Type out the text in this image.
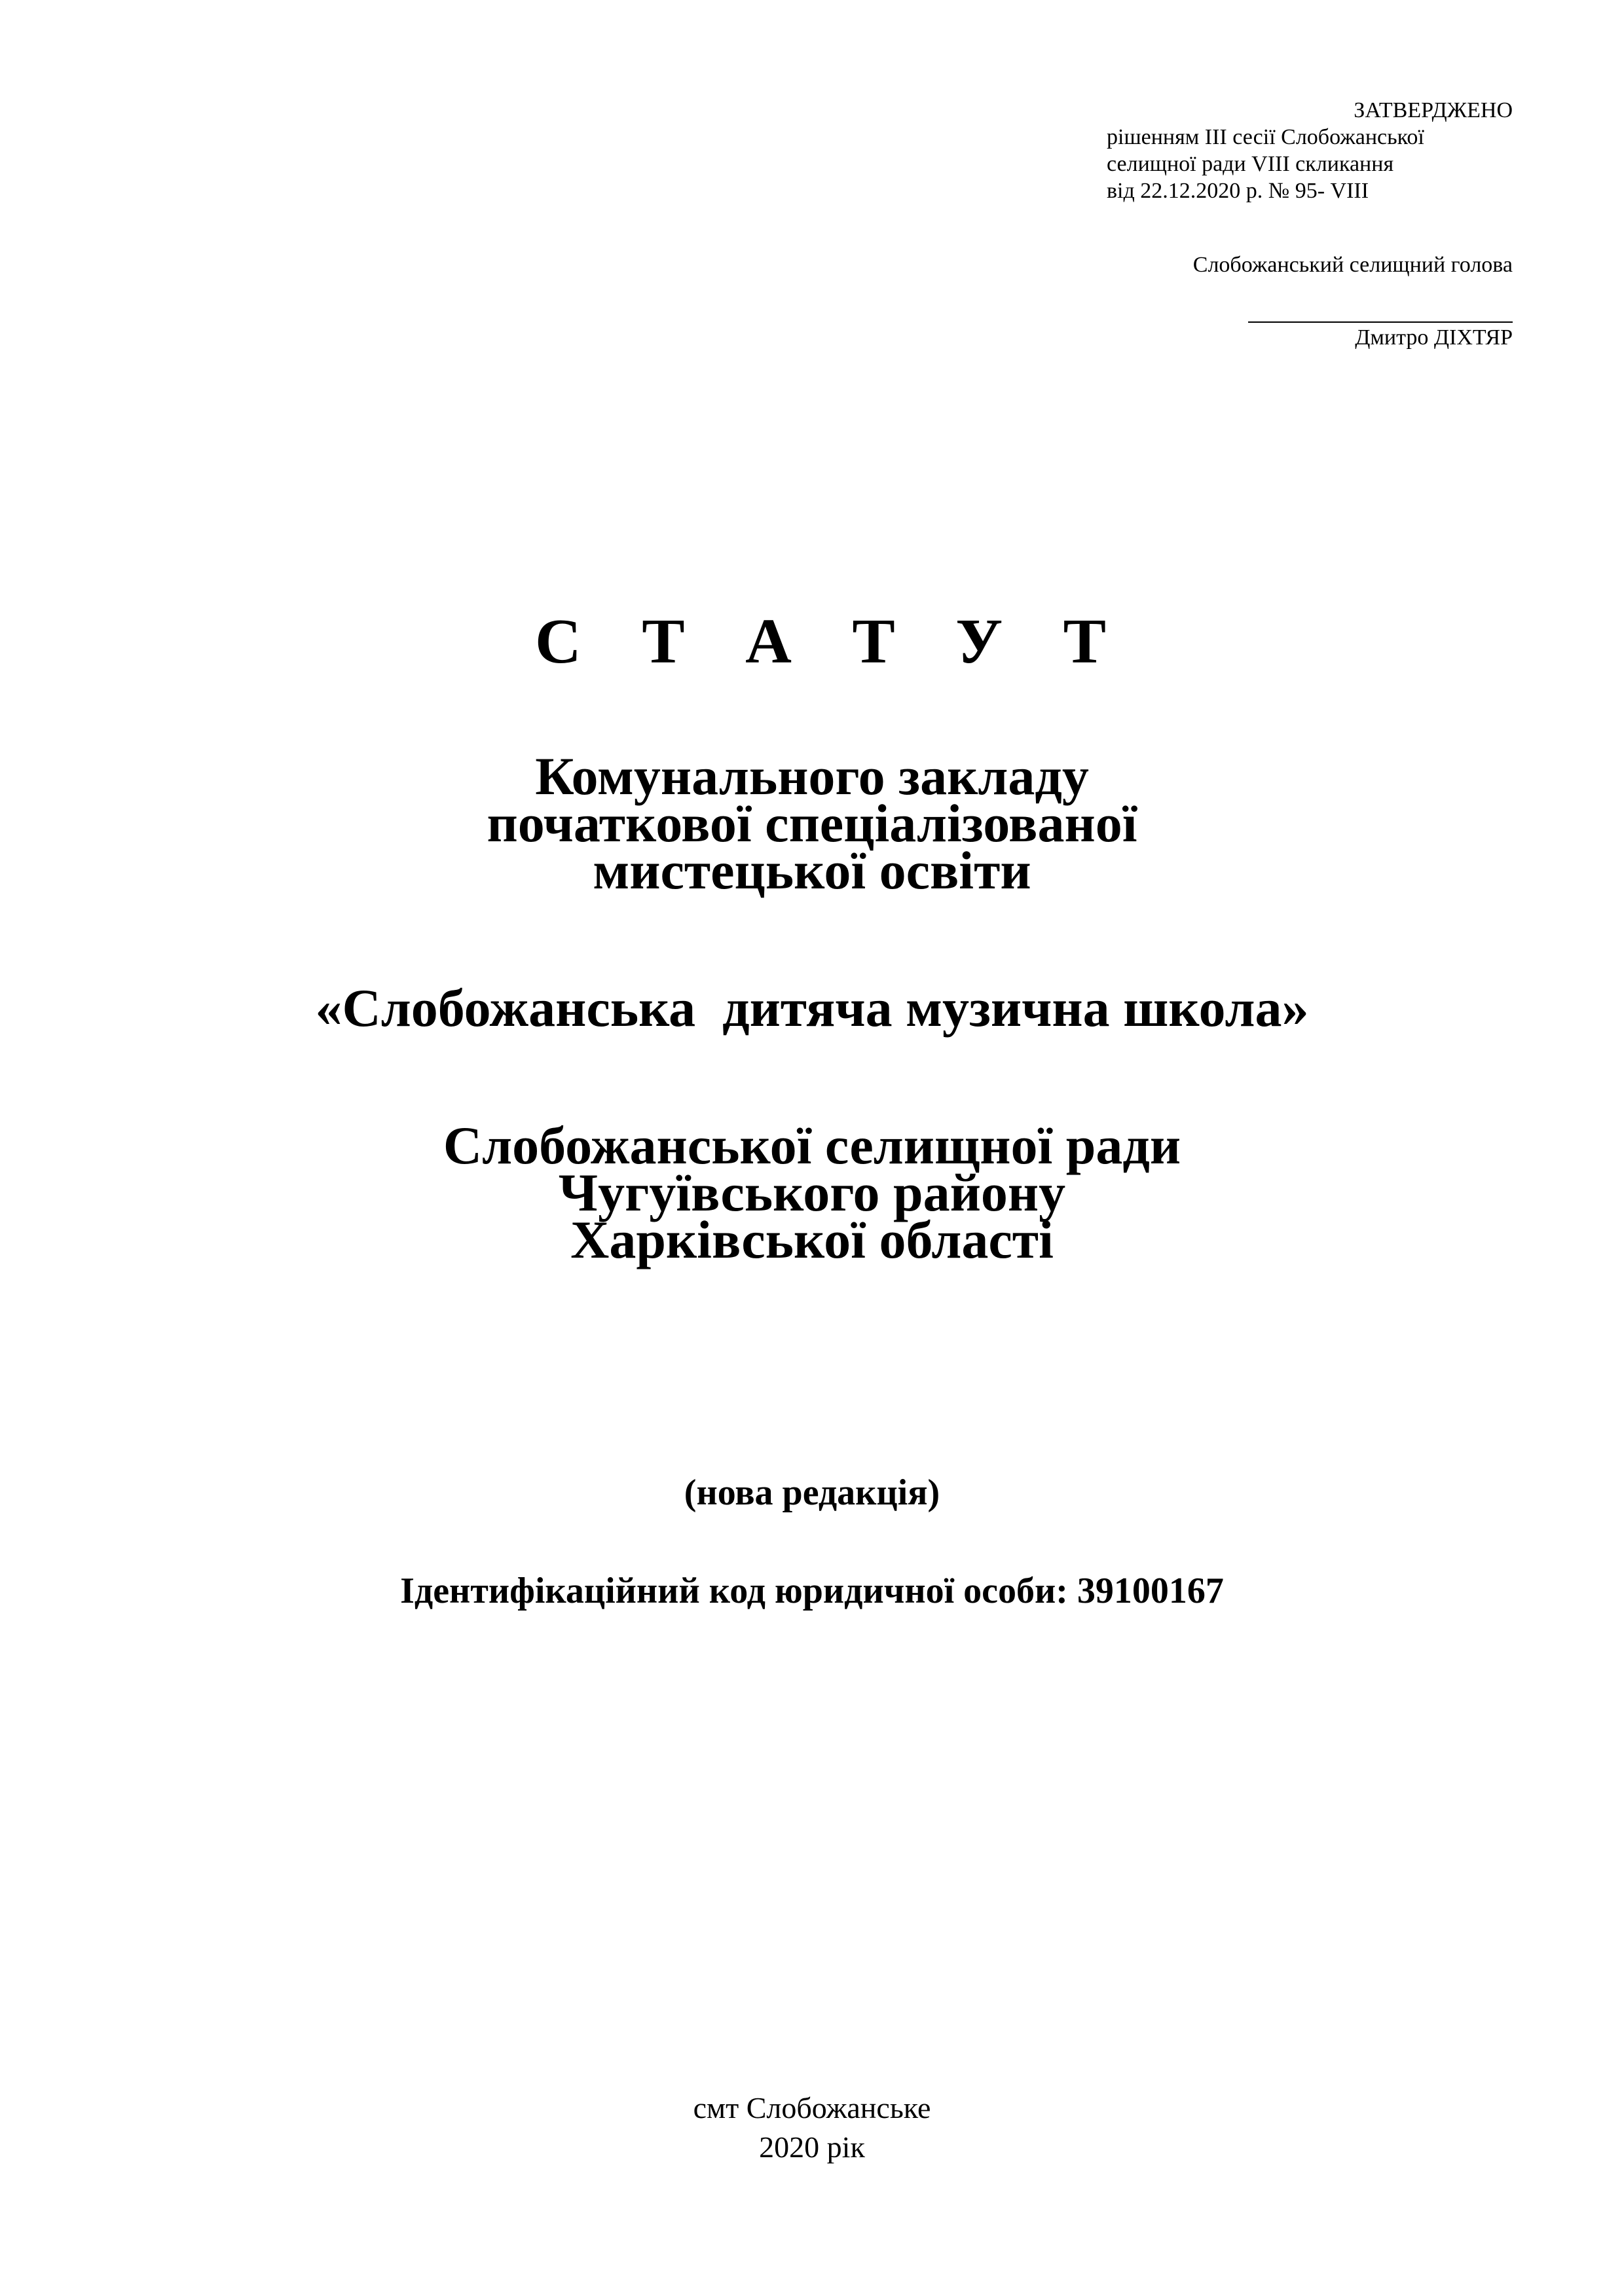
ЗАТВЕРДЖЕНО
рішенням ІІІ сесії Слобожанської
селищної ради VIII скликання
від 22.12.2020 р. № 95- VIII
Слобожанський селищний голова
Дмитро ДІХТЯР
С Т А Т У Т
Комунального закладу
початкової спеціалізованої
мистецької освіти
«Слобожанська  дитяча музична школа»
Слобожанської селищної ради
Чугуївського району
Харківської області
(нова редакція)
Ідентифікаційний код юридичної особи: 39100167
смт Слобожанське
2020 рік
